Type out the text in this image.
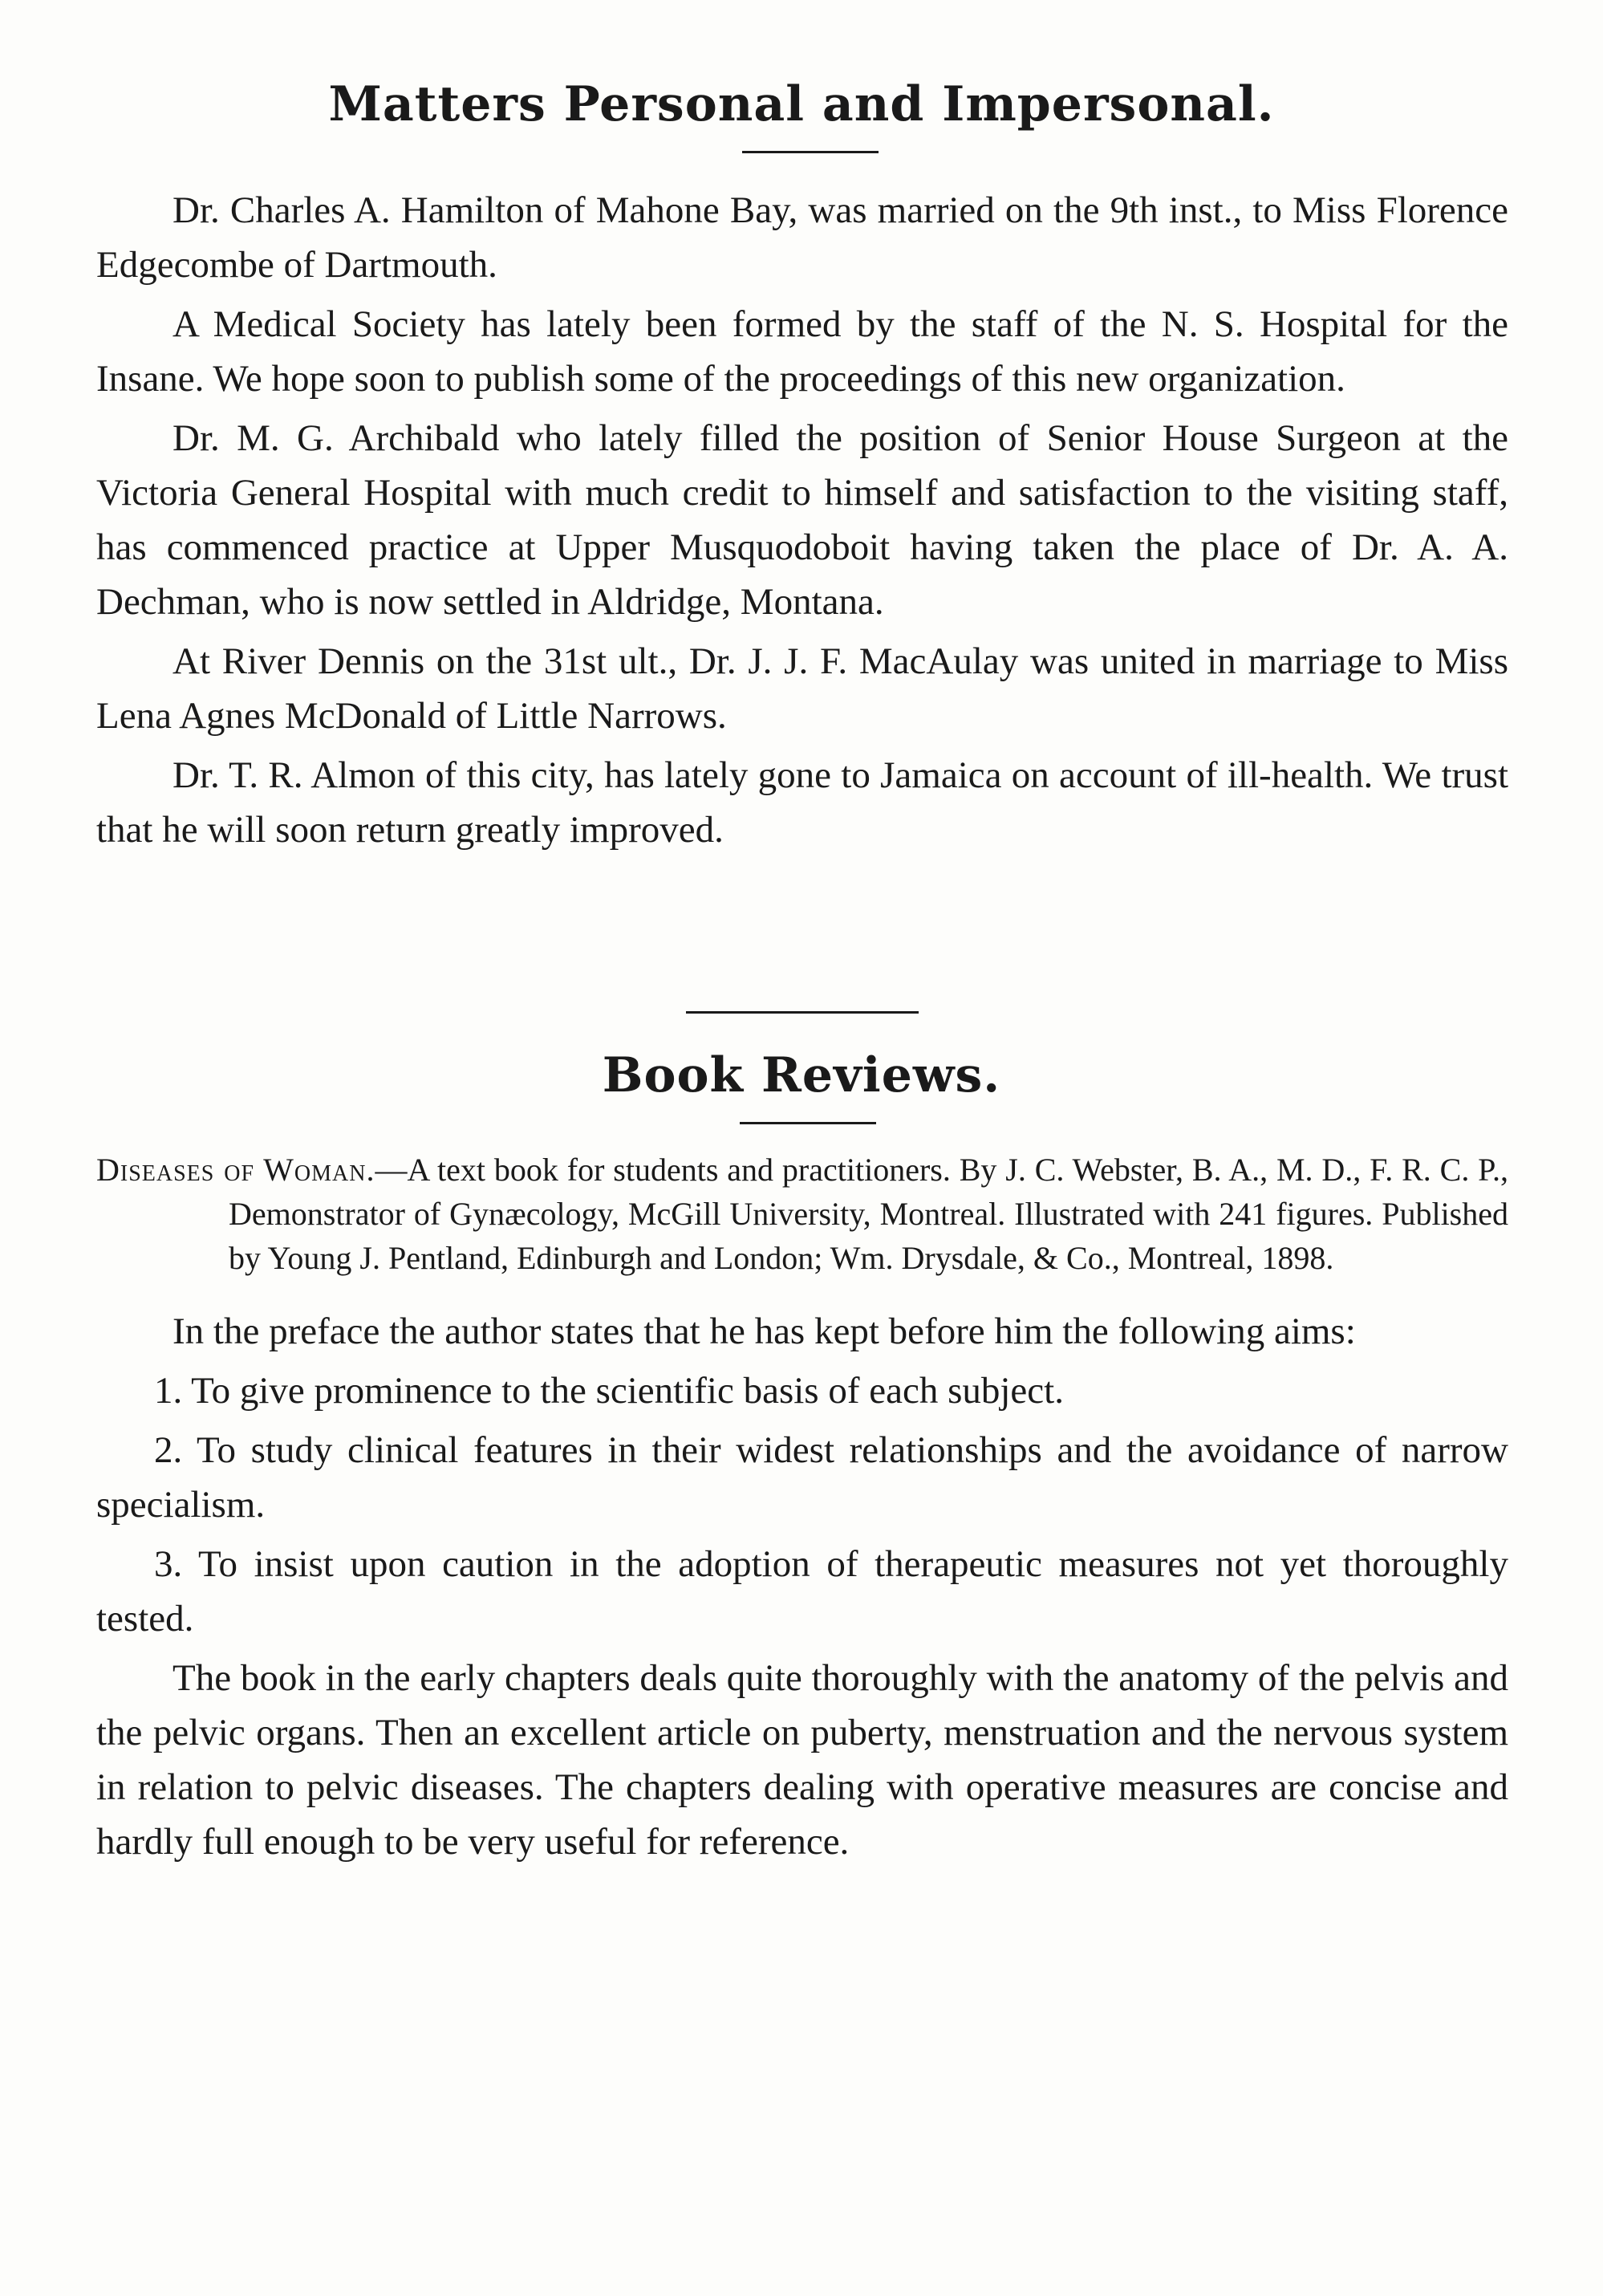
Matters Personal and Impersonal.

Dr. Charles A. Hamilton of Mahone Bay, was married on the 9th inst., to Miss Florence Edgecombe of Dartmouth.

A Medical Society has lately been formed by the staff of the N. S. Hospital for the Insane. We hope soon to publish some of the proceedings of this new organization.

Dr. M. G. Archibald who lately filled the position of Senior House Surgeon at the Victoria General Hospital with much credit to himself and satisfaction to the visiting staff, has commenced practice at Upper Musquodoboit having taken the place of Dr. A. A. Dechman, who is now settled in Aldridge, Montana.

At River Dennis on the 31st ult., Dr. J. J. F. MacAulay was united in marriage to Miss Lena Agnes McDonald of Little Narrows.

Dr. T. R. Almon of this city, has lately gone to Jamaica on account of ill-health. We trust that he will soon return greatly improved.

Book Reviews.
Diseases of Woman.—A text book for students and practitioners. By J. C. Webster, B. A., M. D., F. R. C. P., Demonstrator of Gynæcology, McGill University, Montreal. Illustrated with 241 figures. Published by Young J. Pentland, Edinburgh and London; Wm. Drysdale, & Co., Montreal, 1898.

In the preface the author states that he has kept before him the following aims:

1. To give prominence to the scientific basis of each subject.

2. To study clinical features in their widest relationships and the avoidance of narrow specialism.

3. To insist upon caution in the adoption of therapeutic measures not yet thoroughly tested.

The book in the early chapters deals quite thoroughly with the anatomy of the pelvis and the pelvic organs. Then an excellent article on puberty, menstruation and the nervous system in relation to pelvic diseases. The chapters dealing with operative measures are concise and hardly full enough to be very useful for reference.
